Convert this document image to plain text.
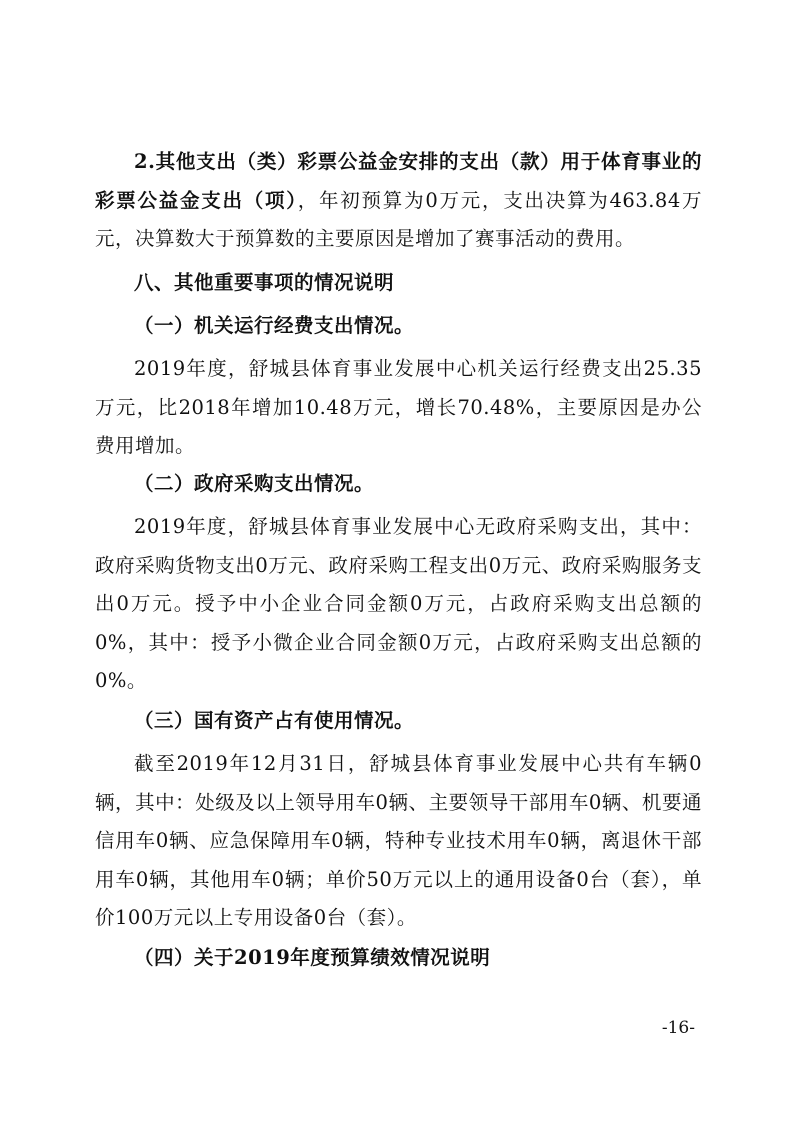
2.其他支出（类）彩票公益金安排的支出（款）用于体育事业的彩票公益金支出（项），年初预算为0万元，支出决算为463.84万元，决算数大于预算数的主要原因是增加了赛事活动的费用。

八、其他重要事项的情况说明

（一）机关运行经费支出情况。

2019年度，舒城县体育事业发展中心机关运行经费支出25.35万元，比2018年增加10.48万元，增长70.48%，主要原因是办公费用增加。

（二）政府采购支出情况。

2019年度，舒城县体育事业发展中心无政府采购支出，其中：政府采购货物支出0万元、政府采购工程支出0万元、政府采购服务支出0万元。授予中小企业合同金额0万元，占政府采购支出总额的0%，其中：授予小微企业合同金额0万元，占政府采购支出总额的0%。

（三）国有资产占有使用情况。

截至2019年12月31日，舒城县体育事业发展中心共有车辆0辆，其中：处级及以上领导用车0辆、主要领导干部用车0辆、机要通信用车0辆、应急保障用车0辆，特种专业技术用车0辆，离退休干部用车0辆，其他用车0辆；单价50万元以上的通用设备0台（套），单价100万元以上专用设备0台（套）。

（四）关于2019年度预算绩效情况说明

-16-
